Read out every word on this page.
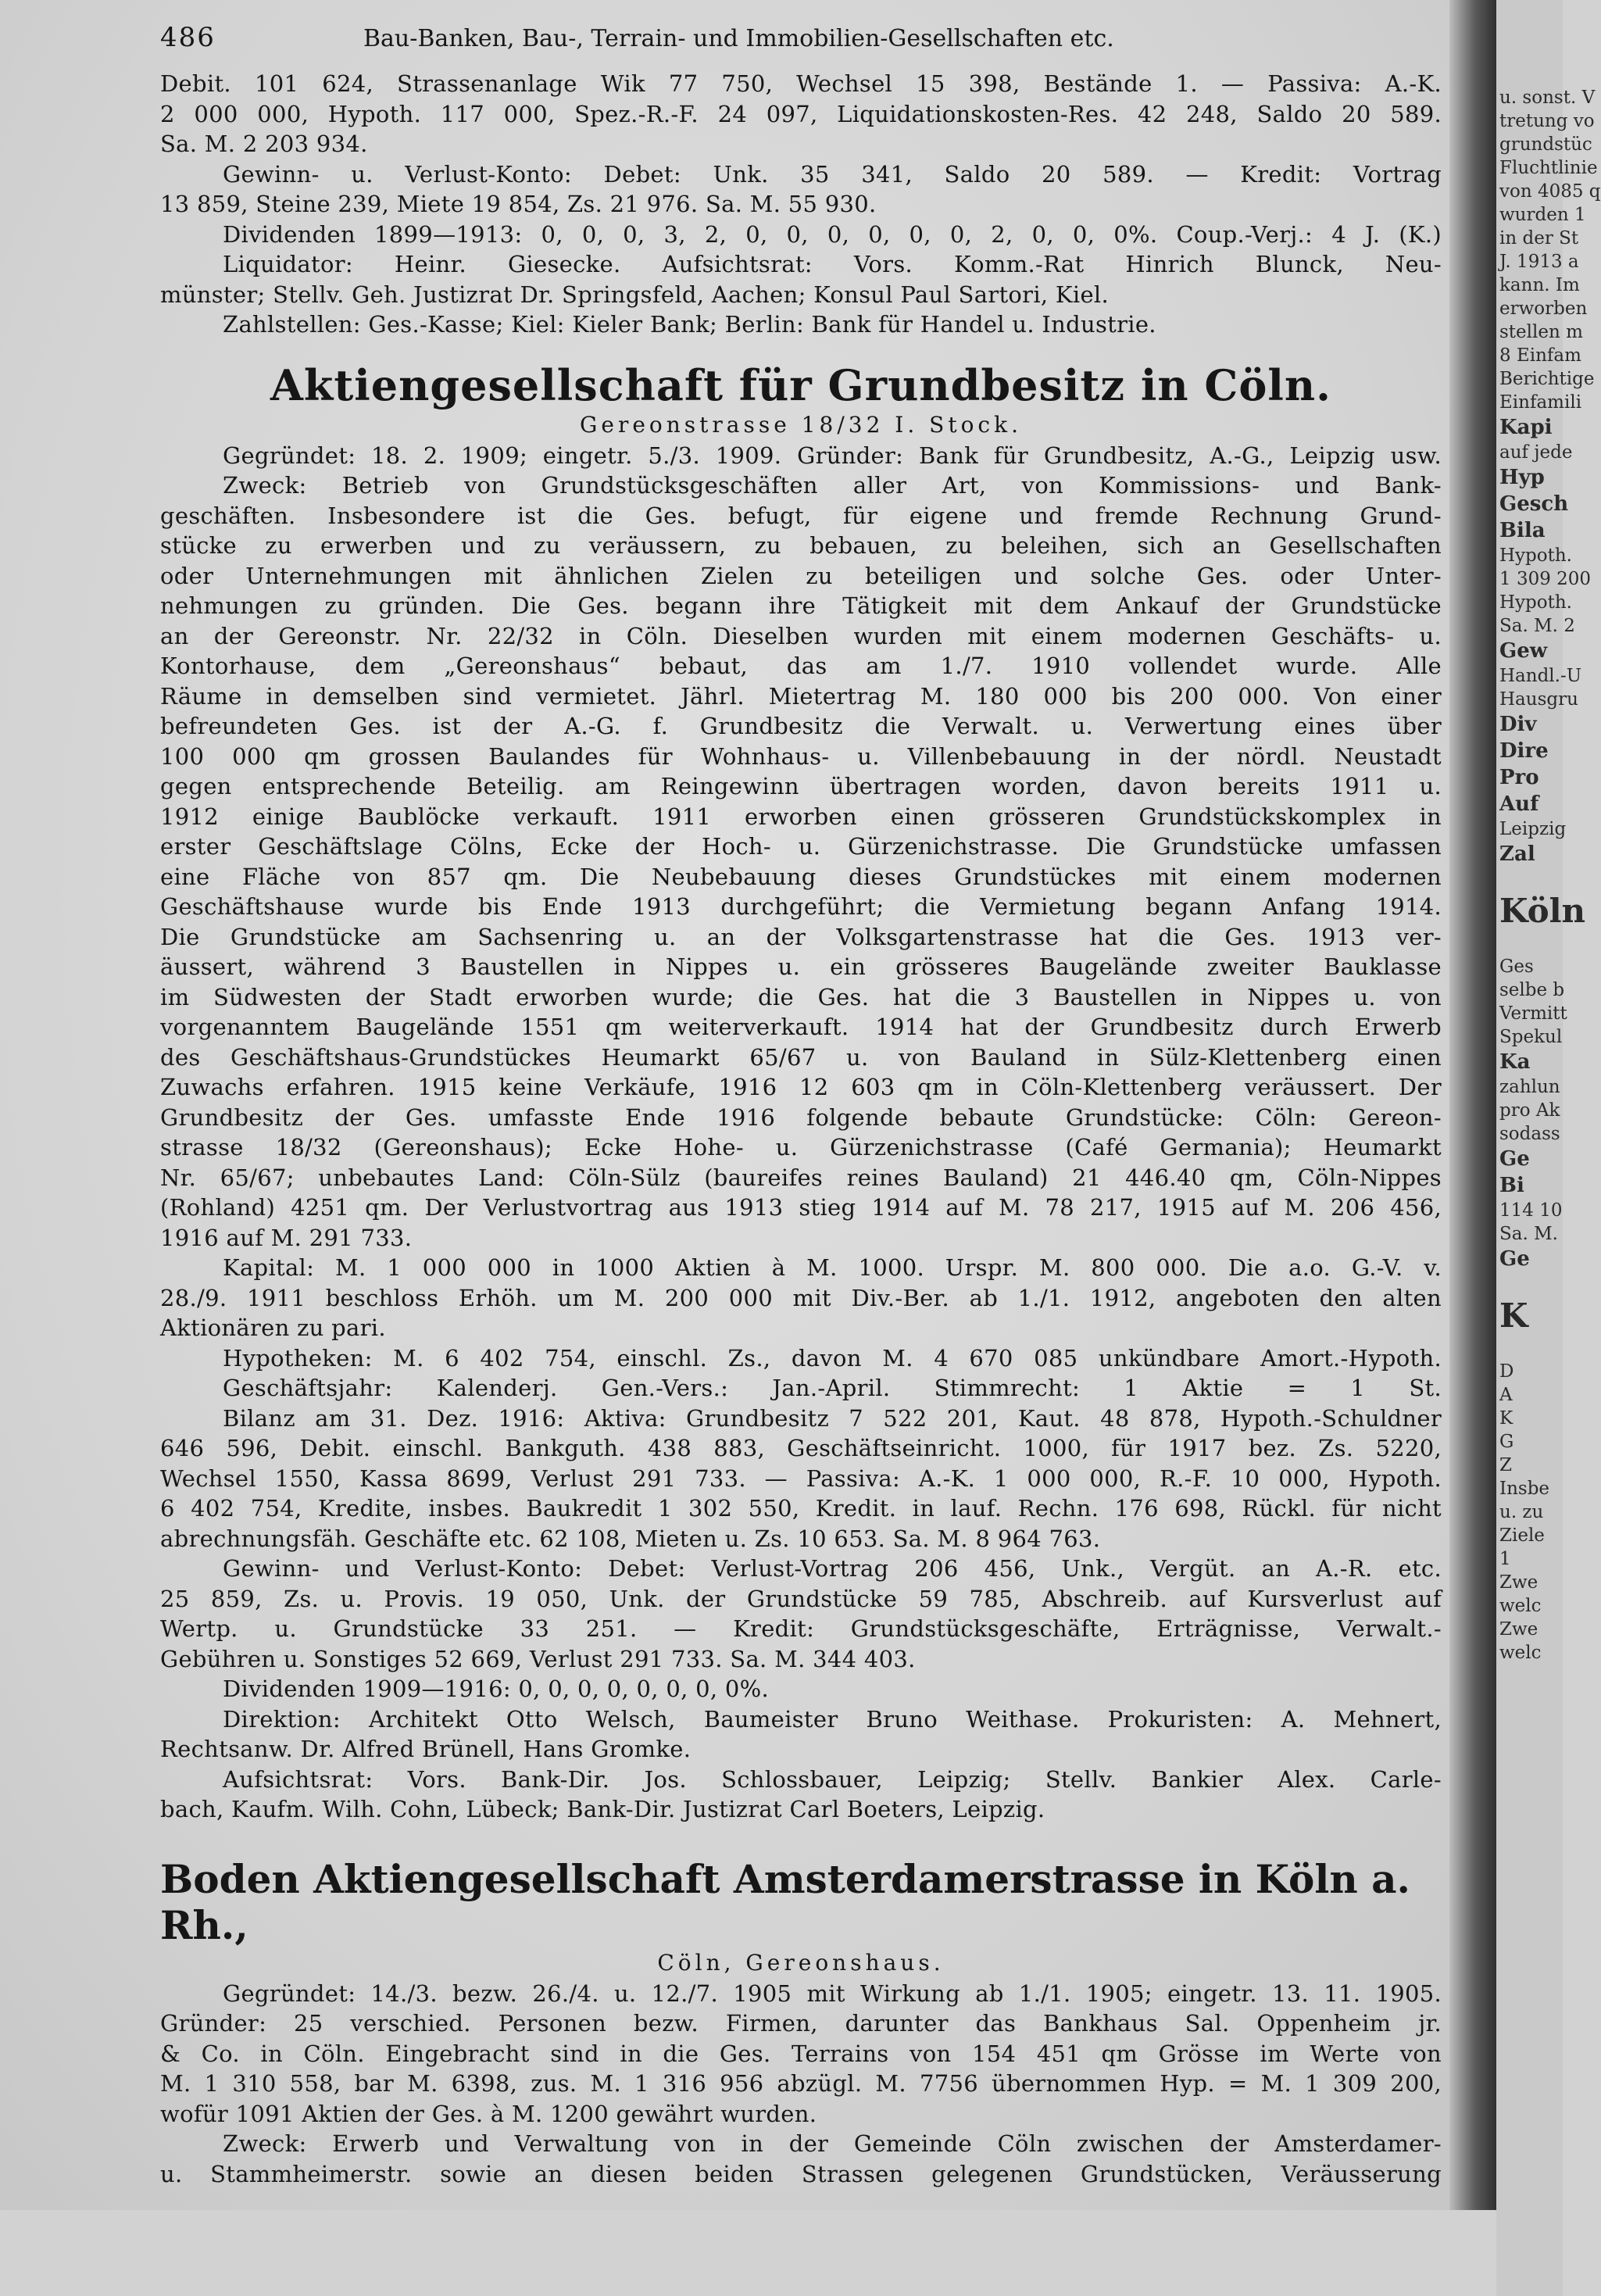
486	Bau-Banken, Bau-, Terrain- und Immobilien-Gesellschaften etc.
Debit. 101 624, Strassenanlage Wik 77 750, Wechsel 15 398, Bestände 1. — Passiva: A.-K.
2 000 000, Hypoth. 117 000, Spez.-R.-F. 24 097, Liquidationskosten-Res. 42 248, Saldo 20 589.
Sa. M. 2 203 934.
Gewinn- u. Verlust-Konto: Debet: Unk. 35 341, Saldo 20 589. — Kredit: Vortrag
13 859, Steine 239, Miete 19 854, Zs. 21 976. Sa. M. 55 930.
Dividenden 1899—1913: 0, 0, 0, 3, 2, 0, 0, 0, 0, 0, 0, 2, 0, 0, 0%. Coup.-Verj.: 4 J. (K.)
Liquidator: Heinr. Giesecke. Aufsichtsrat: Vors. Komm.-Rat Hinrich Blunck, Neu-
münster; Stellv. Geh. Justizrat Dr. Springsfeld, Aachen; Konsul Paul Sartori, Kiel.
Zahlstellen: Ges.-Kasse; Kiel: Kieler Bank; Berlin: Bank für Handel u. Industrie.
Aktiengesellschaft für Grundbesitz in Cöln.
Gereonstrasse 18/32 I. Stock.
Gegründet: 18. 2. 1909; eingetr. 5./3. 1909. Gründer: Bank für Grundbesitz, A.-G., Leipzig usw.
Zweck: Betrieb von Grundstücksgeschäften aller Art, von Kommissions- und Bank-
geschäften. Insbesondere ist die Ges. befugt, für eigene und fremde Rechnung Grund-
stücke zu erwerben und zu veräussern, zu bebauen, zu beleihen, sich an Gesellschaften
oder Unternehmungen mit ähnlichen Zielen zu beteiligen und solche Ges. oder Unter-
nehmungen zu gründen. Die Ges. begann ihre Tätigkeit mit dem Ankauf der Grundstücke
an der Gereonstr. Nr. 22/32 in Cöln. Dieselben wurden mit einem modernen Geschäfts- u.
Kontorhause, dem „Gereonshaus“ bebaut, das am 1./7. 1910 vollendet wurde. Alle
Räume in demselben sind vermietet. Jährl. Mietertrag M. 180 000 bis 200 000. Von einer
befreundeten Ges. ist der A.-G. f. Grundbesitz die Verwalt. u. Verwertung eines über
100 000 qm grossen Baulandes für Wohnhaus- u. Villenbebauung in der nördl. Neustadt
gegen entsprechende Beteilig. am Reingewinn übertragen worden, davon bereits 1911 u.
1912 einige Baublöcke verkauft. 1911 erworben einen grösseren Grundstückskomplex in
erster Geschäftslage Cölns, Ecke der Hoch- u. Gürzenichstrasse. Die Grundstücke umfassen
eine Fläche von 857 qm. Die Neubebauung dieses Grundstückes mit einem modernen
Geschäftshause wurde bis Ende 1913 durchgeführt; die Vermietung begann Anfang 1914.
Die Grundstücke am Sachsenring u. an der Volksgartenstrasse hat die Ges. 1913 ver-
äussert, während 3 Baustellen in Nippes u. ein grösseres Baugelände zweiter Bauklasse
im Südwesten der Stadt erworben wurde; die Ges. hat die 3 Baustellen in Nippes u. von
vorgenanntem Baugelände 1551 qm weiterverkauft. 1914 hat der Grundbesitz durch Erwerb
des Geschäftshaus-Grundstückes Heumarkt 65/67 u. von Bauland in Sülz-Klettenberg einen
Zuwachs erfahren. 1915 keine Verkäufe, 1916 12 603 qm in Cöln-Klettenberg veräussert. Der
Grundbesitz der Ges. umfasste Ende 1916 folgende bebaute Grundstücke: Cöln: Gereon-
strasse 18/32 (Gereonshaus); Ecke Hohe- u. Gürzenichstrasse (Café Germania); Heumarkt
Nr. 65/67; unbebautes Land: Cöln-Sülz (baureifes reines Bauland) 21 446.40 qm, Cöln-Nippes
(Rohland) 4251 qm. Der Verlustvortrag aus 1913 stieg 1914 auf M. 78 217, 1915 auf M. 206 456,
1916 auf M. 291 733.
Kapital: M. 1 000 000 in 1000 Aktien à M. 1000. Urspr. M. 800 000. Die a.o. G.-V. v.
28./9. 1911 beschloss Erhöh. um M. 200 000 mit Div.-Ber. ab 1./1. 1912, angeboten den alten
Aktionären zu pari.
Hypotheken: M. 6 402 754, einschl. Zs., davon M. 4 670 085 unkündbare Amort.-Hypoth.
Geschäftsjahr: Kalenderj. Gen.-Vers.: Jan.-April. Stimmrecht: 1 Aktie = 1 St.
Bilanz am 31. Dez. 1916: Aktiva: Grundbesitz 7 522 201, Kaut. 48 878, Hypoth.-Schuldner
646 596, Debit. einschl. Bankguth. 438 883, Geschäftseinricht. 1000, für 1917 bez. Zs. 5220,
Wechsel 1550, Kassa 8699, Verlust 291 733. — Passiva: A.-K. 1 000 000, R.-F. 10 000, Hypoth.
6 402 754, Kredite, insbes. Baukredit 1 302 550, Kredit. in lauf. Rechn. 176 698, Rückl. für nicht
abrechnungsfäh. Geschäfte etc. 62 108, Mieten u. Zs. 10 653. Sa. M. 8 964 763.
Gewinn- und Verlust-Konto: Debet: Verlust-Vortrag 206 456, Unk., Vergüt. an A.-R. etc.
25 859, Zs. u. Provis. 19 050, Unk. der Grundstücke 59 785, Abschreib. auf Kursverlust auf
Wertp. u. Grundstücke 33 251. — Kredit: Grundstücksgeschäfte, Erträgnisse, Verwalt.-
Gebühren u. Sonstiges 52 669, Verlust 291 733. Sa. M. 344 403.
Dividenden 1909—1916: 0, 0, 0, 0, 0, 0, 0, 0%.
Direktion: Architekt Otto Welsch, Baumeister Bruno Weithase. Prokuristen: A. Mehnert,
Rechtsanw. Dr. Alfred Brünell, Hans Gromke.
Aufsichtsrat: Vors. Bank-Dir. Jos. Schlossbauer, Leipzig; Stellv. Bankier Alex. Carle-
bach, Kaufm. Wilh. Cohn, Lübeck; Bank-Dir. Justizrat Carl Boeters, Leipzig.
Boden Aktiengesellschaft Amsterdamerstrasse in Köln a. Rh.,
Cöln, Gereonshaus.
Gegründet: 14./3. bezw. 26./4. u. 12./7. 1905 mit Wirkung ab 1./1. 1905; eingetr. 13. 11. 1905.
Gründer: 25 verschied. Personen bezw. Firmen, darunter das Bankhaus Sal. Oppenheim jr.
& Co. in Cöln. Eingebracht sind in die Ges. Terrains von 154 451 qm Grösse im Werte von
M. 1 310 558, bar M. 6398, zus. M. 1 316 956 abzügl. M. 7756 übernommen Hyp. = M. 1 309 200,
wofür 1091 Aktien der Ges. à M. 1200 gewährt wurden.
Zweck: Erwerb und Verwaltung von in der Gemeinde Cöln zwischen der Amsterdamer-
u. Stammheimerstr. sowie an diesen beiden Strassen gelegenen Grundstücken, Veräusserung
u. sonst. V
tretung vo
grundstüc
Fluchtlinie
von 4085 q
wurden 1
in der St
J. 1913 a
kann. Im
erworben
stellen m
8 Einfam
Berichtige
Einfamili
Kapi
auf jede
Hyp
Gesch
Bila
Hypoth.
1 309 200
Hypoth.
Sa. M. 2
Gew
Handl.-U
Hausgru
Div
Dire
Pro
Auf
Leipzig
Zal
Köln
Ges
selbe b
Vermitt
Spekul
Ka
zahlun
pro Ak
sodass
Ge
Bi
114 10
Sa. M.
Ge
K
D
A
K
G
Z
Insbe
u. zu
Ziele
1
Zwe
welc
Zwe
welc
